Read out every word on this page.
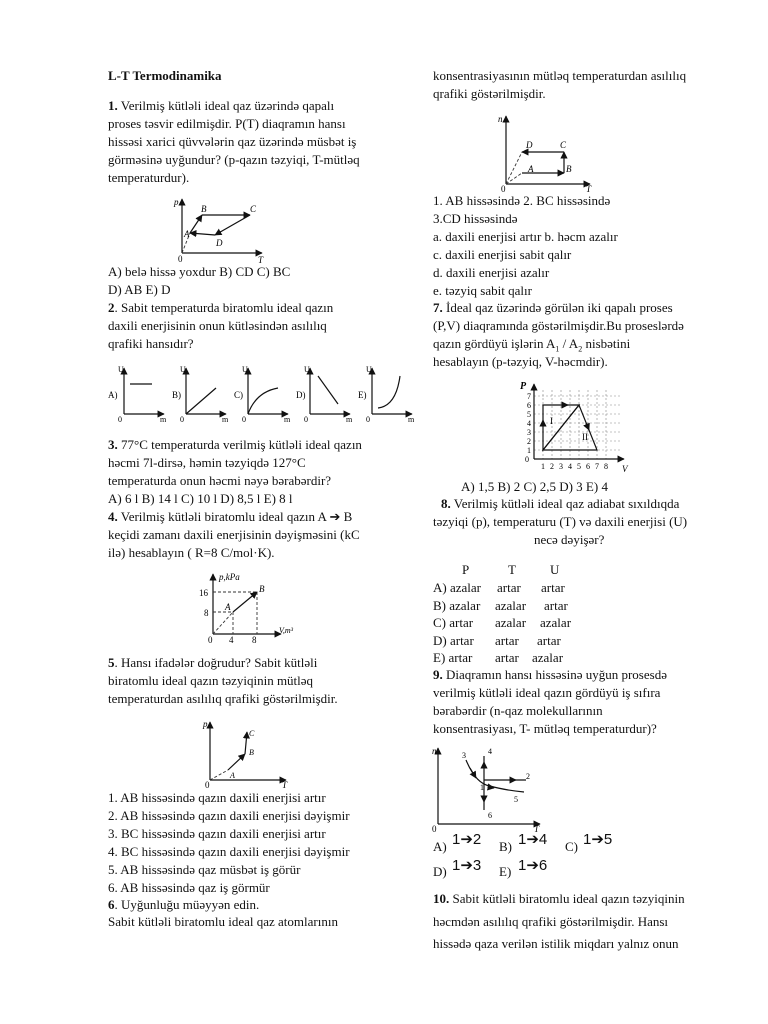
L-T Termodinamika
1. Verilmiş kütləli ideal qaz üzərində qapalı
proses təsvir edilmişdir. P(T) diaqramın hansı
hissəsi xarici qüvvələrin qaz üzərində müsbət iş
görməsinə uyğundur? (p-qazın təzyiqi, T-mütləq
temperaturdur).
p
T
0
A
B	C
D
A) belə hissə yoxdur B) CD C) BC
D) AB E) D
2. Sabit temperaturda biratomlu ideal qazın
daxili enerjisinin onun kütləsindən asılılıq
qrafiki hansıdır?
A)
U
m
0
B)
U
m
0
C)
U
m
0
D)
U
m
0
E)
U
m
0
3. 77°C temperaturda verilmiş kütləli ideal qazın
həcmi 7l-dirsə, həmin təzyiqdə 127°C
temperaturda onun həcmi nəyə bərabərdir?
A) 6 l B) 14 l C) 10 l D) 8,5 l E) 8 l
4. Verilmiş kütləli biratomlu ideal qazın A ➔ B
keçidi zamanı daxili enerjisinin dəyişməsini (kC
ilə) hesablayın ( R=8 C/mol·K).
p,kPa
V,m³
16
8
4 8
0
A
B
5. Hansı ifadələr doğrudur? Sabit kütləli
biratomlu ideal qazın təzyiqinin mütləq
temperaturdan asılılıq qrafiki göstərilmişdir.
p
T
0
A
B
C
1. AB hissəsində qazın daxili enerjisi artır
2. AB hissəsində qazın daxili enerjisi dəyişmir
3. BC hissəsində qazın daxili enerjisi artır
4. BC hissəsində qazın daxili enerjisi dəyişmir
5. AB hissəsində qaz müsbət iş görür
6. AB hissəsində qaz iş görmür
6. Uyğunluğu müəyyən edin.
Sabit kütləli biratomlu ideal qaz atomlarının
konsentrasiyasının mütləq temperaturdan asılılıq
qrafiki göstərilmişdir.
n
T
0
D	C
A	B
1. AB hissəsində 2. BC hissəsində
3.CD hissəsində
a. daxili enerjisi artır b. həcm azalır
c. daxili enerjisi sabit qalır
d. daxili enerjisi azalır
e. təzyiq sabit qalır
7. İdeal qaz üzərində görülən iki qapalı proses
(P,V) diaqramında göstərilmişdir.Bu proseslərdə
qazın gördüyü işlərin $A_1 / A_2$ nisbətini
hesablayın (p-təzyiq, V-həcmdir).
P
V
0
1
2
3
4
5
6
7
1 2 3 4 5 6 7 8
I
II
A) 1,5 B) 2 C) 2,5 D) 3 E) 4
8. Verilmiş kütləli ideal qaz adiabat sıxıldıqda
təzyiqi (p), temperaturu (T) və daxili enerjisi (U)
necə dəyişər?
P	T	U
A) azalar artar artar
B) azalar azalar artar
C) artar azalar azalar
D) artar artar artar
E) artar artar azalar
9. Diaqramın hansı hissəsinə uyğun prosesdə
verilmiş kütləli ideal qazın gördüyü iş sıfıra
bərabərdir (n-qaz molekullarının
konsentrasiyası, T- mütləq temperaturdur)?
n
T
0
1
2
3	4
5
6
A) 1➔2 B) 1➔4 C) 1➔5
D) 1➔3 E) 1➔6
10. Sabit kütləli biratomlu ideal qazın təzyiqinin
həcmdən asılılıq qrafiki göstərilmişdir. Hansı
hissədə qaza verilən istilik miqdarı yalnız onun
